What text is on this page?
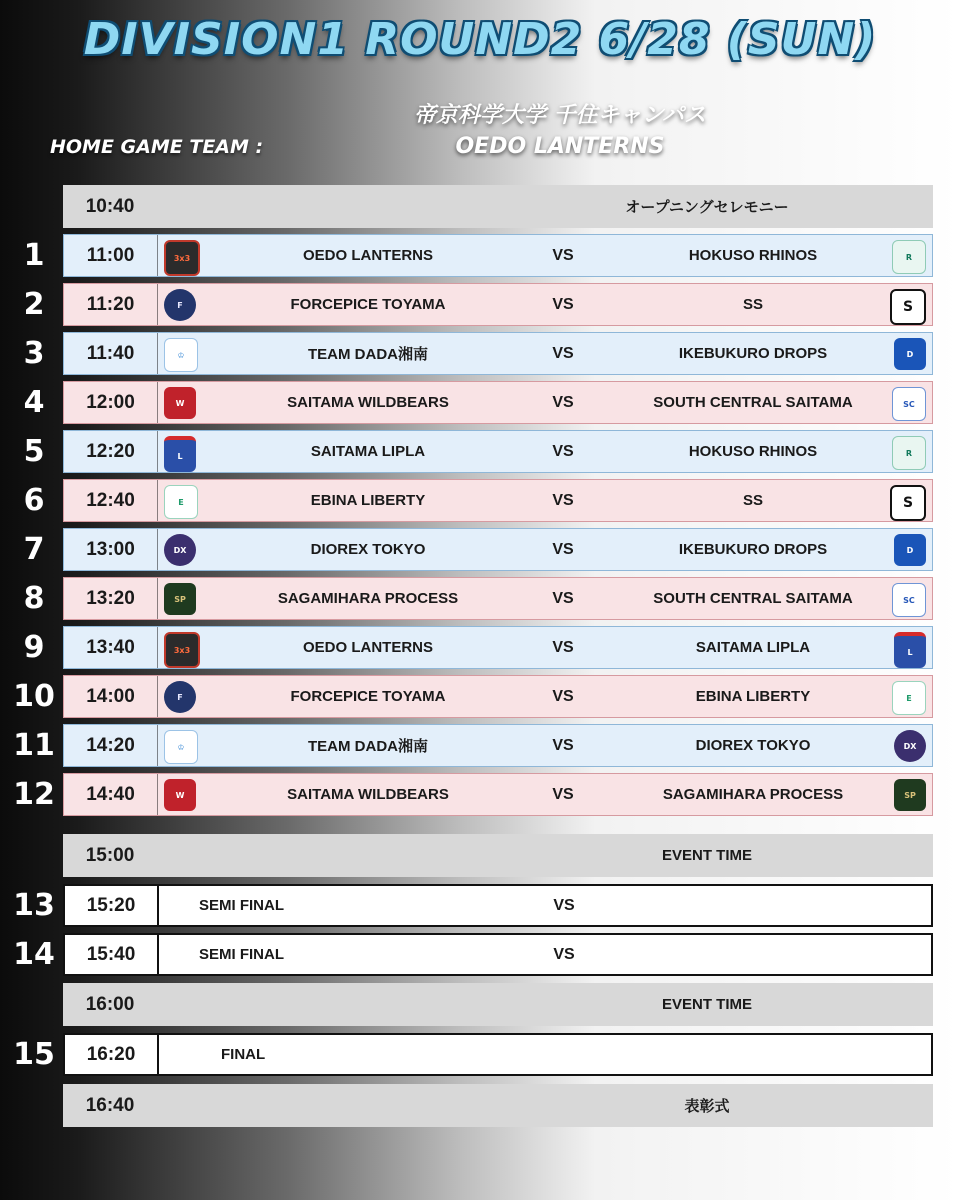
DIVISION1 ROUND2 6/28 (SUN)
帝京科学大学 千住キャンパス
OEDO LANTERNS
HOME GAME TEAM :
10:40	オープニングセレモニー
1	11:00	3x3	OEDO LANTERNS	VS	HOKUSO RHINOS	R
2	11:20	F	FORCEPICE TOYAMA	VS	SS	S
3	11:40	♔	TEAM DADA湘南	VS	IKEBUKURO DROPS	D
4	12:00	W	SAITAMA WILDBEARS	VS	SOUTH CENTRAL SAITAMA	SC
5	12:20	L	SAITAMA LIPLA	VS	HOKUSO RHINOS	R
6	12:40	E	EBINA LIBERTY	VS	SS	S
7	13:00	DX	DIOREX TOKYO	VS	IKEBUKURO DROPS	D
8	13:20	SP	SAGAMIHARA PROCESS	VS	SOUTH CENTRAL SAITAMA	SC
9	13:40	3x3	OEDO LANTERNS	VS	SAITAMA LIPLA	L
10	14:00	F	FORCEPICE TOYAMA	VS	EBINA LIBERTY	E
11	14:20	♔	TEAM DADA湘南	VS	DIOREX TOKYO	DX
12	14:40	W	SAITAMA WILDBEARS	VS	SAGAMIHARA PROCESS	SP
15:00	EVENT TIME
13	15:20	SEMI FINAL	VS
14	15:40	SEMI FINAL	VS
16:00	EVENT TIME
15	16:20	FINAL
16:40	表彰式
